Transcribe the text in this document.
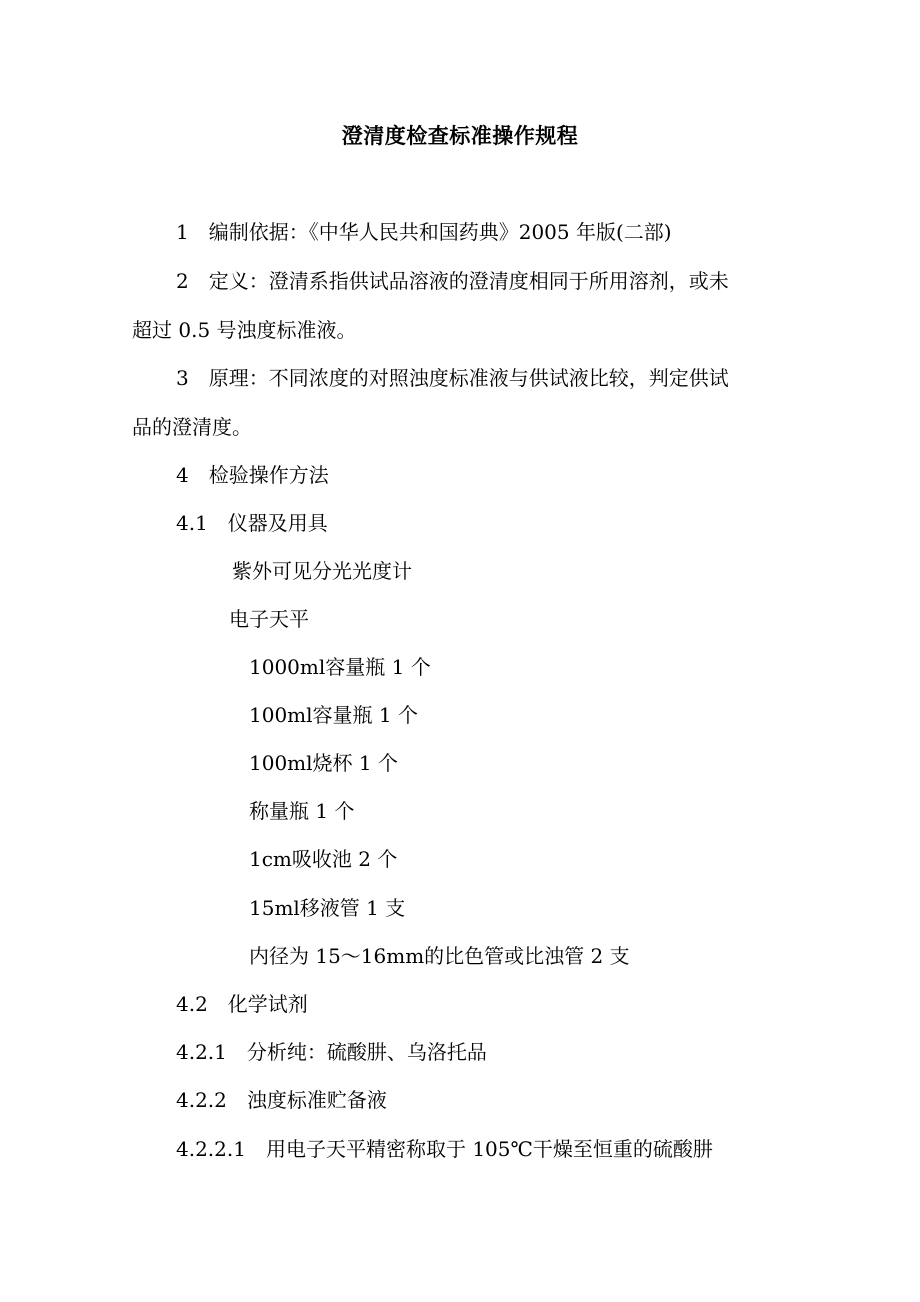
澄清度检查标准操作规程
1　编制依据：《中华人民共和国药典》2005 年版(二部)
2　定义：澄清系指供试品溶液的澄清度相同于所用溶剂，或未
超过 0.5 号浊度标准液。
3　原理：不同浓度的对照浊度标准液与供试液比较，判定供试
品的澄清度。
4　检验操作方法
4.1　仪器及用具
紫外可见分光光度计
电子天平
1000ml容量瓶 1 个
100ml容量瓶 1 个
100ml烧杯 1 个
称量瓶 1 个
1cm吸收池 2 个
15ml移液管 1 支
内径为 15～16mm的比色管或比浊管 2 支
4.2　化学试剂
4.2.1　分析纯：硫酸肼、乌洛托品
4.2.2　浊度标准贮备液
4.2.2.1　用电子天平精密称取于 105℃干燥至恒重的硫酸肼
